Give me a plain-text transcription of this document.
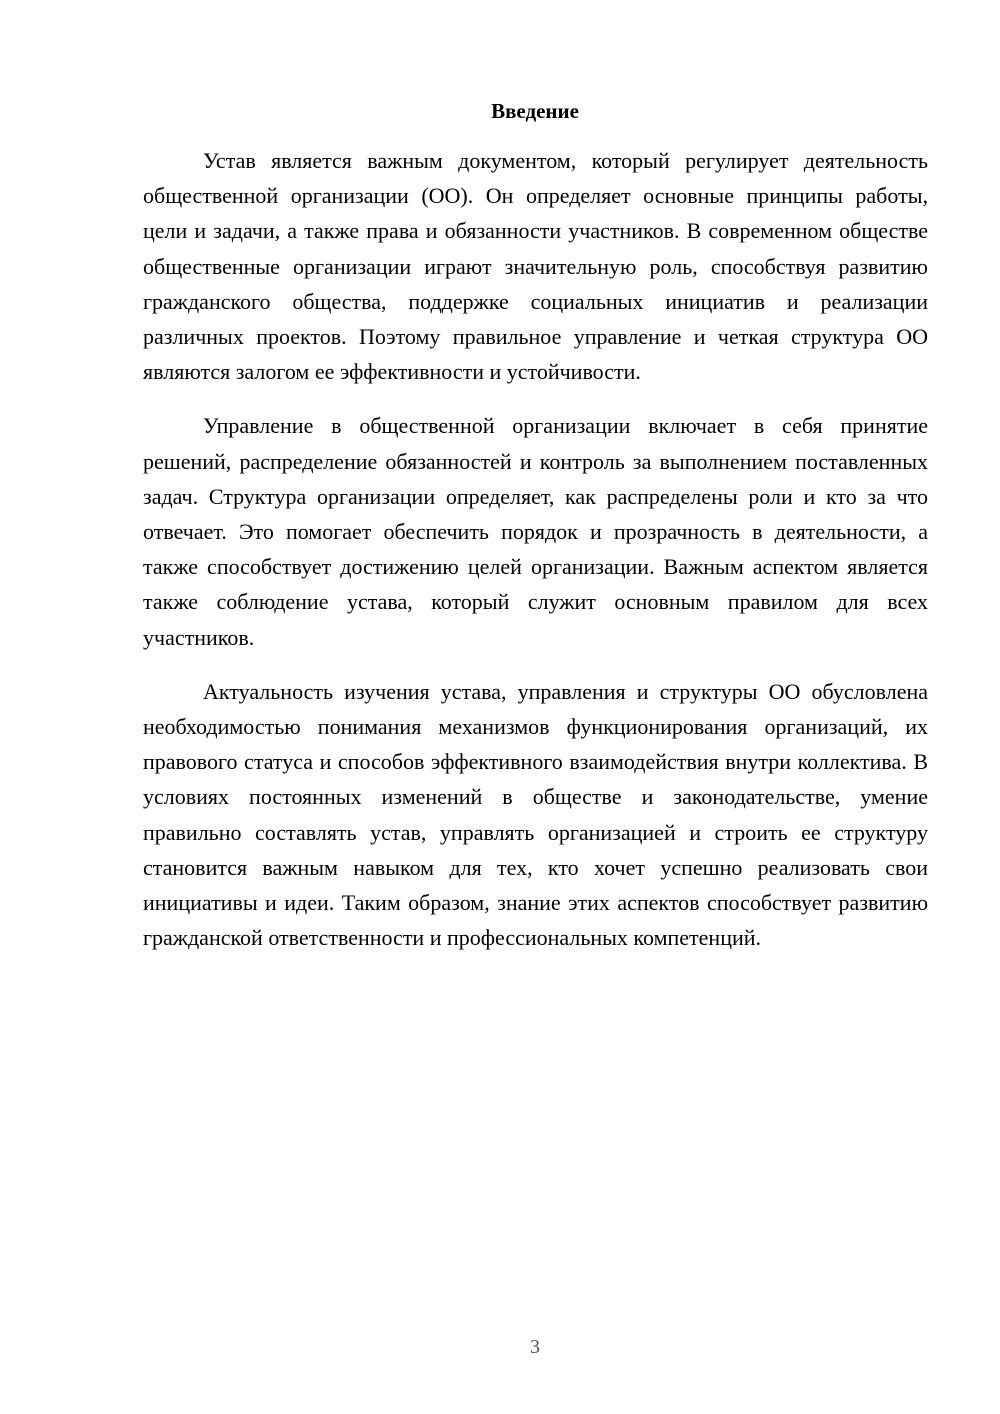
Введение

Устав является важным документом, который регулирует деятельность общественной организации (ОО). Он определяет основные принципы работы, цели и задачи, а также права и обязанности участников. В современном обществе общественные организации играют значительную роль, способствуя развитию гражданского общества, поддержке социальных инициатив и реализации различных проектов. Поэтому правильное управление и четкая структура ОО являются залогом ее эффективности и устойчивости.

Управление в общественной организации включает в себя принятие решений, распределение обязанностей и контроль за выполнением поставленных задач. Структура организации определяет, как распределены роли и кто за что отвечает. Это помогает обеспечить порядок и прозрачность в деятельности, а также способствует достижению целей организации. Важным аспектом является также соблюдение устава, который служит основным правилом для всех участников.

Актуальность изучения устава, управления и структуры ОО обусловлена необходимостью понимания механизмов функционирования организаций, их правового статуса и способов эффективного взаимодействия внутри коллектива. В условиях постоянных изменений в обществе и законодательстве, умение правильно составлять устав, управлять организацией и строить ее структуру становится важным навыком для тех, кто хочет успешно реализовать свои инициативы и идеи. Таким образом, знание этих аспектов способствует развитию гражданской ответственности и профессиональных компетенций.

3
